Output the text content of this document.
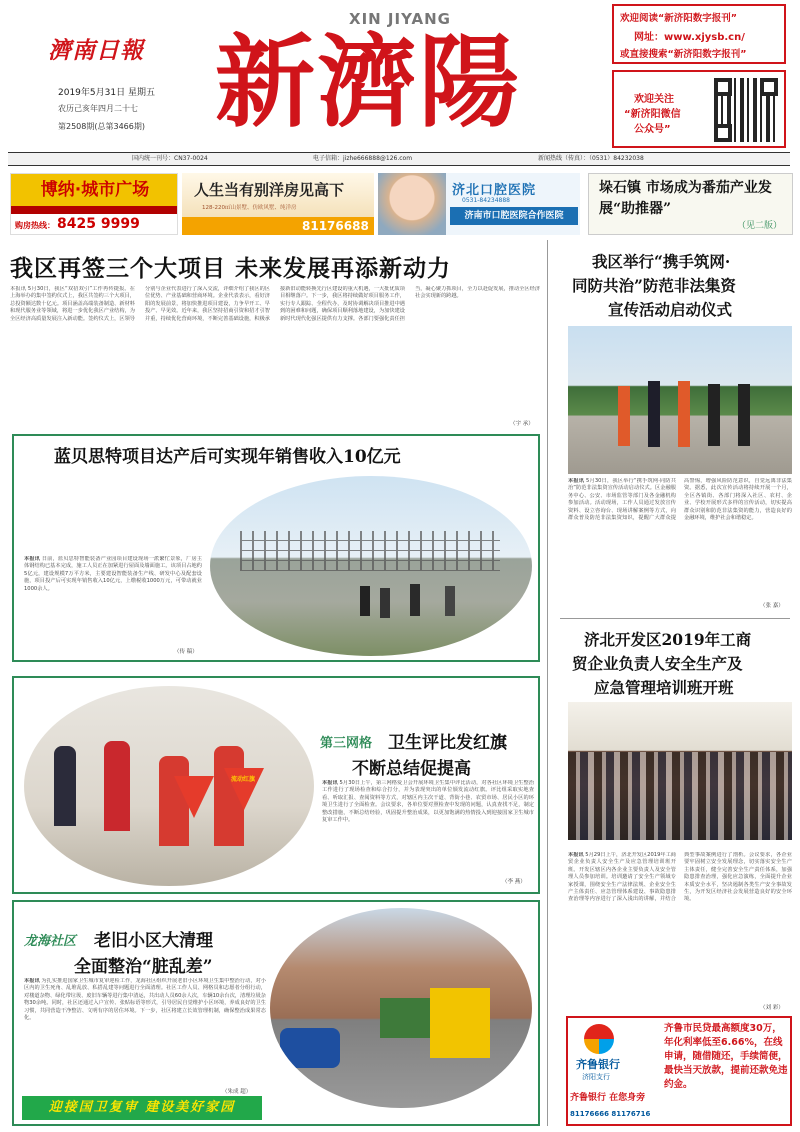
濟南日報
2019年5月31日 星期五
农历己亥年四月二十七
第2508期(总第3466期)
XIN JIYANG
新濟陽
欢迎阅读“新济阳数字报刊”
网址：www.xjysb.cn/
或直接搜索“新济阳数字报刊”
欢迎关注
“新济阳微信
公众号”
国内统一刊号：CN37-0024	电子信箱：jizhe666888@126.com	新闻热线（传真）：（0531）84232038
博纳·城市广场
购房热线： 8425 9999
人生当有别洋房见高下
128-220㎡山景墅、仿欧风墅、纯洋房
81176688
济北口腔医院
0531-84234888
济南市口腔医院合作医院
垛石镇 市场成为番茄产业发展“助推器”
（见二版）
我区再签三个大项目 未来发展再添新动力
本报讯 5月30日，我区“双招双引”工作再传捷报。在上海举办的集中签约仪式上，我区共签约三个大项目，总投资额达数十亿元。项目涵盖高端装备制造、新材料和现代服务业等领域，将进一步优化我区产业结构，为全区经济高质量发展注入新动能。签约仪式上，区领导分别与企业代表进行了深入交流，详细介绍了我区的区位优势、产业基础和营商环境。企业代表表示，看好济阳的发展前景，将加快推进项目建设，力争早开工、早投产、早见效。近年来，我区坚持招商引资和招才引智并重，持续优化营商环境，不断完善基础设施，积极承接新旧动能转换先行区建设的重大机遇，一大批优质项目相继落户。下一步，我区将持续做好项目服务工作，实行专人跟踪、全程代办，及时协调解决项目推进中遇到的困难和问题，确保项目顺利落地建设，为加快建设新时代现代化强区提供有力支撑。各部门要强化责任担当，凝心聚力抓项目，全力以赴促发展，推动全区经济社会实现新的跨越。
（宇 承）
蓝贝思特项目达产后可实现年销售收入10亿元
本报讯 日前，蓝贝思特智能装备产业园项目建设现场一派繁忙景象，厂房主体钢结构已基本完成，施工人员正在加紧进行屋面及墙面施工。该项目占地约5亿元，建设规模7万平方米，主要建设智能装备生产线、研发中心及配套设施，项目投产后可实现年销售收入10亿元，上缴税收1000万元，可带动就业1000余人。
（传 稿）
流动红旗
第三网格 卫生评比发红旗
不断总结促提高
本报讯 5月30日上午，第三网格爱卫会开展环境卫生集中评比活动，对各社区环境卫生整治工作进行了现场检查和综合打分，并为表现突出的单位颁发流动红旗。评比组采取实地查看、听取汇报、查阅资料等方式，对辖区内主次干道、背街小巷、农贸市场、居民小区的环境卫生进行了全面检查。会议要求，各单位要对照检查中发现的问题，认真查找不足，制定整改措施，不断总结经验，巩固提升整治成果，以更加饱满的热情投入到迎接国家卫生城市复审工作中。
（李 燕）
龙海社区 老旧小区大清理
全面整治“脏乱差”
本报讯 为扎实推进国家卫生城市复审迎检工作，龙海社区组织开展老旧小区环境卫生集中整治行动，对小区内的卫生死角、乱堆乱放、私搭乱建等问题进行全面清理。社区工作人员、网格员和志愿者分组行动，对楼道杂物、绿化带垃圾、废旧车辆等进行集中清运，共出动人员60余人次，车辆10余台次，清理垃圾杂物30余吨。同时，社区还通过入户宣传、张贴标语等形式，引导居民自觉维护小区环境，养成良好的卫生习惯，共同营造干净整洁、文明有序的居住环境。下一步，社区将建立长效管理机制，确保整治成果常态化。
（朱成 超）
迎接国卫复审 建设美好家园
我区举行“携手筑网·
同防共治”防范非法集资
宣传活动启动仪式
本报讯 5月30日，我区举行“携手筑网·同防共治”防范非法集资宣传活动启动仪式。区金融服务中心、公安、市场监管等部门及各金融机构参加活动。活动现场，工作人员通过发放宣传资料、设立咨询台、现场讲解案例等方式，向群众普及防范非法集资知识，提醒广大群众提高警惕，增强风险防范意识，自觉远离非法集资。据悉，此次宣传活动将持续开展一个月，全区各镇街、各部门将深入社区、农村、企业、学校开展形式多样的宣传活动，切实提高群众识别和防范非法集资的能力，营造良好的金融环境，维护社会和谐稳定。
（张 嘉）
济北开发区2019年工商
贸企业负责人安全生产及
应急管理培训班开班
本报讯 5月29日上午，济北开发区2019年工商贸企业负责人安全生产及应急管理培训班开班。开发区辖区内各企业主要负责人及安全管理人员参加培训。培训邀请了安全生产领域专家授课，围绕安全生产法律法规、企业安全生产主体责任、应急管理体系建设、事故隐患排查治理等内容进行了深入浅出的讲解，并结合典型事故案例进行了剖析。会议要求，各企业要牢固树立安全发展理念，切实落实安全生产主体责任，健全完善安全生产责任体系，加强隐患排查治理，强化应急演练，全面提升企业本质安全水平，坚决遏制各类生产安全事故发生，为开发区经济社会发展营造良好的安全环境。
（刘 彩）
齐鲁银行
济阳支行
齐鲁银行 在您身旁
81176666 81176716
齐鲁市民贷最高额度30万，年化利率低至6.66%，在线申请，随借随还，手续简便，最快当天放款，提前还款免违约金。
